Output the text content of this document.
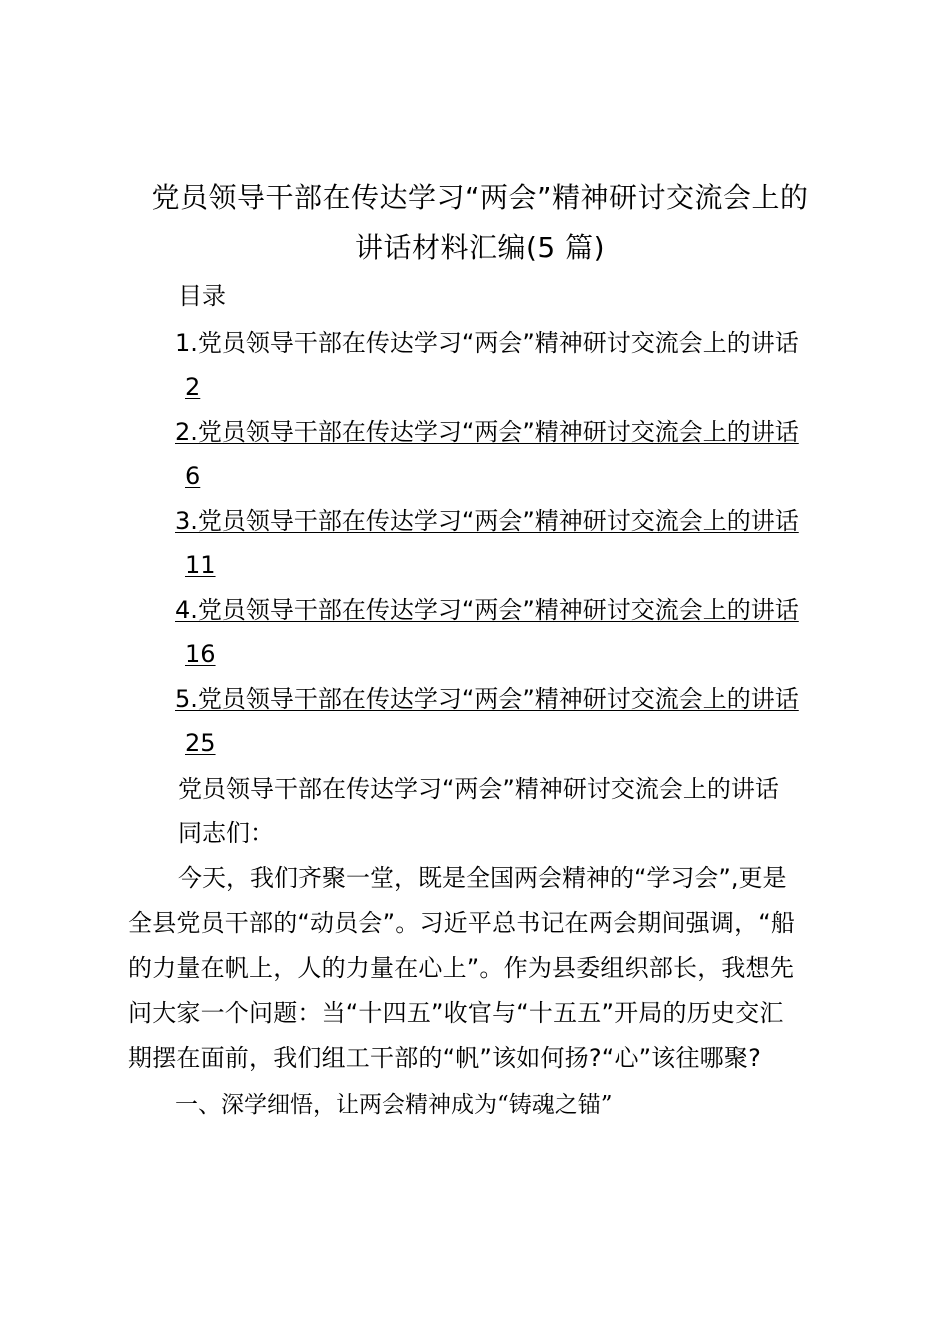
党员领导干部在传达学习“两会”精神研讨交流会上的
讲话材料汇编(5 篇)
目录
1.党员领导干部在传达学习“两会”精神研讨交流会上的讲话
2
2.党员领导干部在传达学习“两会”精神研讨交流会上的讲话
6
3.党员领导干部在传达学习“两会”精神研讨交流会上的讲话
11
4.党员领导干部在传达学习“两会”精神研讨交流会上的讲话
16
5.党员领导干部在传达学习“两会”精神研讨交流会上的讲话
25
党员领导干部在传达学习“两会”精神研讨交流会上的讲话
同志们：
今天，我们齐聚一堂，既是全国两会精神的“学习会”,更是
全县党员干部的“动员会”。习近平总书记在两会期间强调，“船
的力量在帆上，人的力量在心上”。作为县委组织部长，我想先
问大家一个问题：当“十四五”收官与“十五五”开局的历史交汇
期摆在面前，我们组工干部的“帆”该如何扬?“心”该往哪聚?
一、深学细悟，让两会精神成为“铸魂之锚”
